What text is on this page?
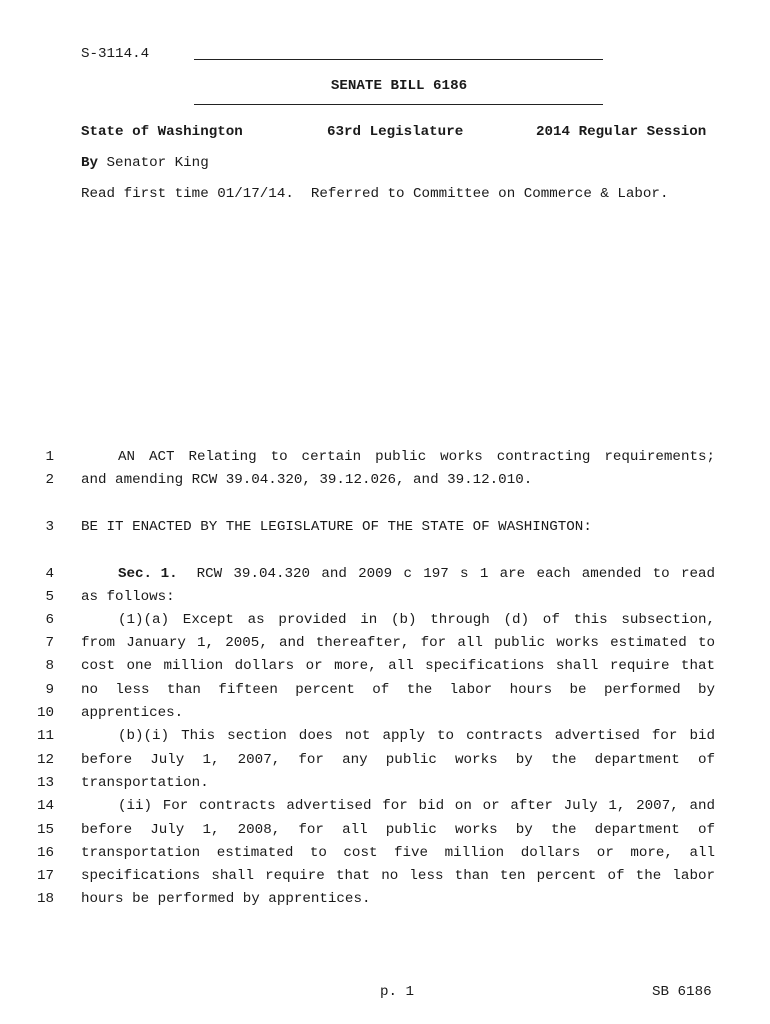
S-3114.4
SENATE BILL 6186
State of Washington	63rd Legislature	2014 Regular Session
By Senator King
Read first time 01/17/14.  Referred to Committee on Commerce & Labor.
1	AN ACT Relating to certain public works contracting requirements;
2 and amending RCW 39.04.320, 39.12.026, and 39.12.010.
3 BE IT ENACTED BY THE LEGISLATURE OF THE STATE OF WASHINGTON:
4	Sec. 1. RCW 39.04.320 and 2009 c 197 s 1 are each amended to read
5 as follows:
6	(1)(a) Except as provided in (b) through (d) of this subsection,
7 from January 1, 2005, and thereafter, for all public works estimated to
8 cost one million dollars or more, all specifications shall require that
9 no less than fifteen percent of the labor hours be performed by
10 apprentices.
11	(b)(i) This section does not apply to contracts advertised for bid
12 before July 1, 2007, for any public works by the department of
13 transportation.
14	(ii) For contracts advertised for bid on or after July 1, 2007, and
15 before July 1, 2008, for all public works by the department of
16 transportation estimated to cost five million dollars or more, all
17 specifications shall require that no less than ten percent of the labor
18 hours be performed by apprentices.
p. 1	SB 6186
